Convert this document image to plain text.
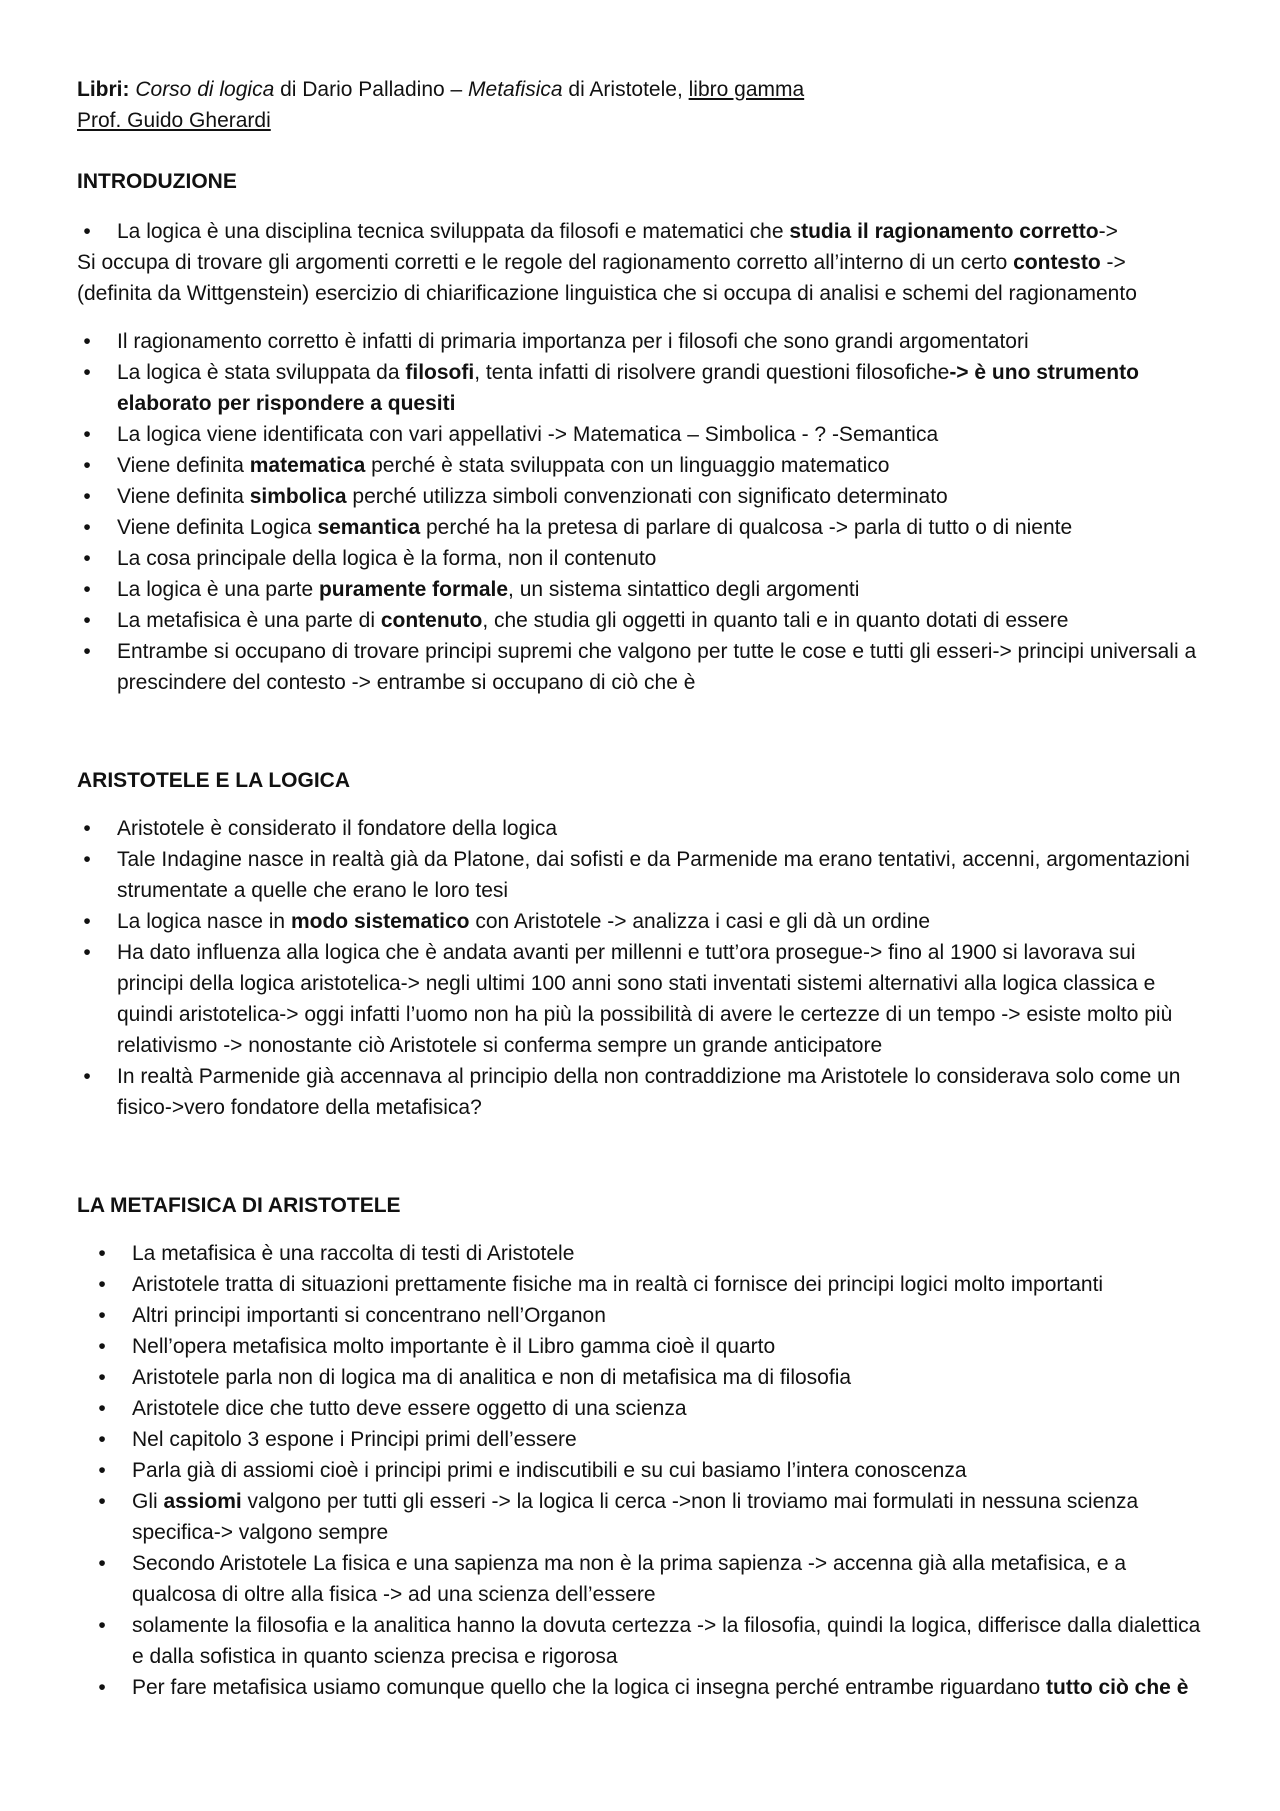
Libri: Corso di logica di Dario Palladino – Metafisica di Aristotele, libro gamma
Prof. Guido Gherardi

INTRODUZIONE

•	La logica è una disciplina tecnica sviluppata da filosofi e matematici che studia il ragionamento corretto->

Si occupa di trovare gli argomenti corretti e le regole del ragionamento corretto all’interno di un certo contesto ->

(definita da Wittgenstein) esercizio di chiarificazione linguistica che si occupa di analisi e schemi del ragionamento

•	Il ragionamento corretto è infatti di primaria importanza per i filosofi che sono grandi argomentatori
•	La logica è stata sviluppata da filosofi, tenta infatti di risolvere grandi questioni filosofiche-> è uno strumento elaborato per rispondere a quesiti
•	La logica viene identificata con vari appellativi -> Matematica – Simbolica - ? -Semantica
•	Viene definita matematica perché è stata sviluppata con un linguaggio matematico
•	Viene definita simbolica perché utilizza simboli convenzionati con significato determinato
•	Viene definita Logica semantica perché ha la pretesa di parlare di qualcosa -> parla di tutto o di niente
•	La cosa principale della logica è la forma, non il contenuto
•	La logica è una parte puramente formale, un sistema sintattico degli argomenti
•	La metafisica è una parte di contenuto, che studia gli oggetti in quanto tali e in quanto dotati di essere
•	Entrambe si occupano di trovare principi supremi che valgono per tutte le cose e tutti gli esseri-> principi universali a prescindere del contesto -> entrambe si occupano di ciò che è

ARISTOTELE E LA LOGICA

•	Aristotele è considerato il fondatore della logica
•	Tale Indagine nasce in realtà già da Platone, dai sofisti e da Parmenide ma erano tentativi, accenni, argomentazioni strumentate a quelle che erano le loro tesi
•	La logica nasce in modo sistematico con Aristotele -> analizza i casi e gli dà un ordine
•	Ha dato influenza alla logica che è andata avanti per millenni e tutt’ora prosegue-> fino al 1900 si lavorava sui principi della logica aristotelica-> negli ultimi 100 anni sono stati inventati sistemi alternativi alla logica classica e quindi aristotelica-> oggi infatti l’uomo non ha più la possibilità di avere le certezze di un tempo -> esiste molto più relativismo -> nonostante ciò Aristotele si conferma sempre un grande anticipatore
•	In realtà Parmenide già accennava al principio della non contraddizione ma Aristotele lo considerava solo come un fisico->vero fondatore della metafisica?

LA METAFISICA DI ARISTOTELE

•	La metafisica è una raccolta di testi di Aristotele
•	Aristotele tratta di situazioni prettamente fisiche ma in realtà ci fornisce dei principi logici molto importanti
•	Altri principi importanti si concentrano nell’Organon
•	Nell’opera metafisica molto importante è il Libro gamma cioè il quarto
•	Aristotele parla non di logica ma di analitica e non di metafisica ma di filosofia
•	Aristotele dice che tutto deve essere oggetto di una scienza
•	Nel capitolo 3 espone i Principi primi dell’essere
•	Parla già di assiomi cioè i principi primi e indiscutibili e su cui basiamo l’intera conoscenza
•	Gli assiomi valgono per tutti gli esseri -> la logica li cerca ->non li troviamo mai formulati in nessuna scienza specifica-> valgono sempre
•	Secondo Aristotele La fisica e una sapienza ma non è la prima sapienza -> accenna già alla metafisica, e a qualcosa di oltre alla fisica -> ad una scienza dell’essere
•	solamente la filosofia e la analitica hanno la dovuta certezza -> la filosofia, quindi la logica, differisce dalla dialettica e dalla sofistica in quanto scienza precisa e rigorosa
•	Per fare metafisica usiamo comunque quello che la logica ci insegna perché entrambe riguardano tutto ciò che è
